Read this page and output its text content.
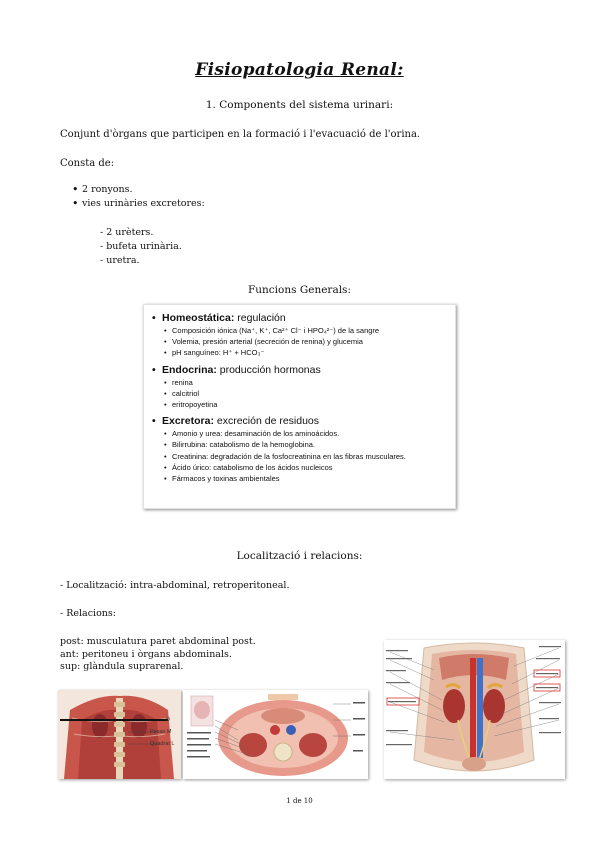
Fisiopatologia Renal:
1. Components del sistema urinari:
Conjunt d'òrgans que participen en la formació i l'evacuació de l'orina.
Consta de:
• 2 ronyons.
• vies urinàries excretores:
- 2 urèters.
- bufeta urinària.
- uretra.
Funcions Generals:
• Homeostática: regulación
• Composición iónica (Na⁺, K⁺, Ca²⁺ Cl⁻ i HPO₄²⁻) de la sangre
• Volemia, presión arterial (secreción de renina) y glucemia
• pH sanguíneo: H⁺ + HCO₃⁻
• Endocrina: producción hormonas
• renina
• calcitriol
• eritropoyetina
• Excretora: excreción de residuos
• Amonio y urea: desaminación de los aminoácidos.
• Bilirrubina: catabolismo de la hemoglobina.
• Creatinina: degradación de la fosfocreatinina en las fibras musculares.
• Ácido úrico: catabolismo de los ácidos nucleicos
• Fármacos y toxinas ambientales
Localització i relacions:
- Localització: intra-abdominal, retroperitoneal.
- Relacions:
post: musculatura paret abdominal post.
ant: peritoneu i òrgans abdominals.
sup: glàndula suprarenal.
D
Psoas M
Quadrat L
1 de 10
